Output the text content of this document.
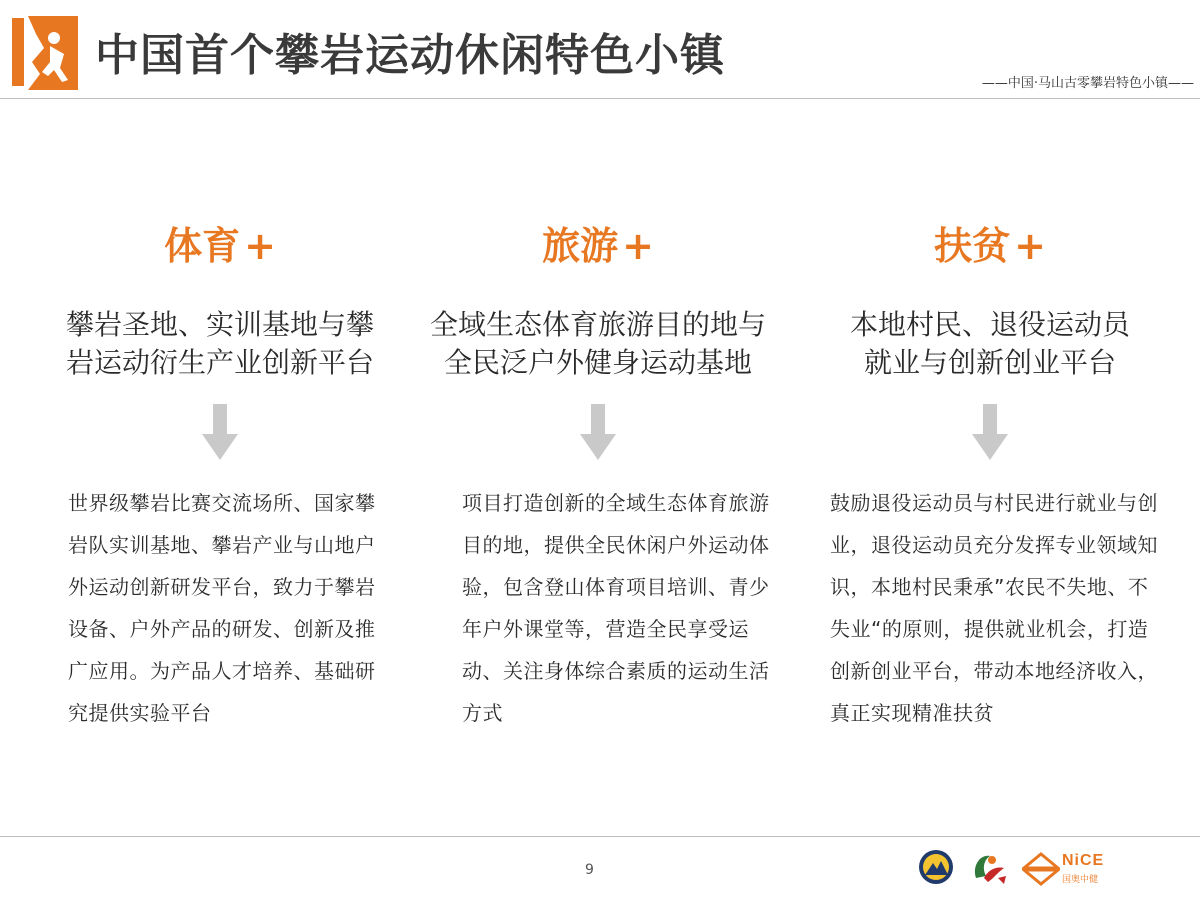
中国首个攀岩运动休闲特色小镇
——中国·马山古零攀岩特色小镇——
体育 +
攀岩圣地、实训基地与攀
岩运动衍生产业创新平台
世界级攀岩比赛交流场所、国家攀岩队实训基地、攀岩产业与山地户外运动创新研发平台，致力于攀岩设备、户外产品的研发、创新及推广应用。为产品人才培养、基础研究提供实验平台
旅游 +
全域生态体育旅游目的地与
全民泛户外健身运动基地
项目打造创新的全域生态体育旅游目的地，提供全民休闲户外运动体验，包含登山体育项目培训、青少年户外课堂等，营造全民享受运动、关注身体综合素质的运动生活方式
扶贫 +
本地村民、退役运动员
就业与创新创业平台
鼓励退役运动员与村民进行就业与创业，退役运动员充分发挥专业领域知识，本地村民秉承”农民不失地、不失业“的原则，提供就业机会，打造创新创业平台，带动本地经济收入，真正实现精准扶贫
9
NiCE
国奥中健
